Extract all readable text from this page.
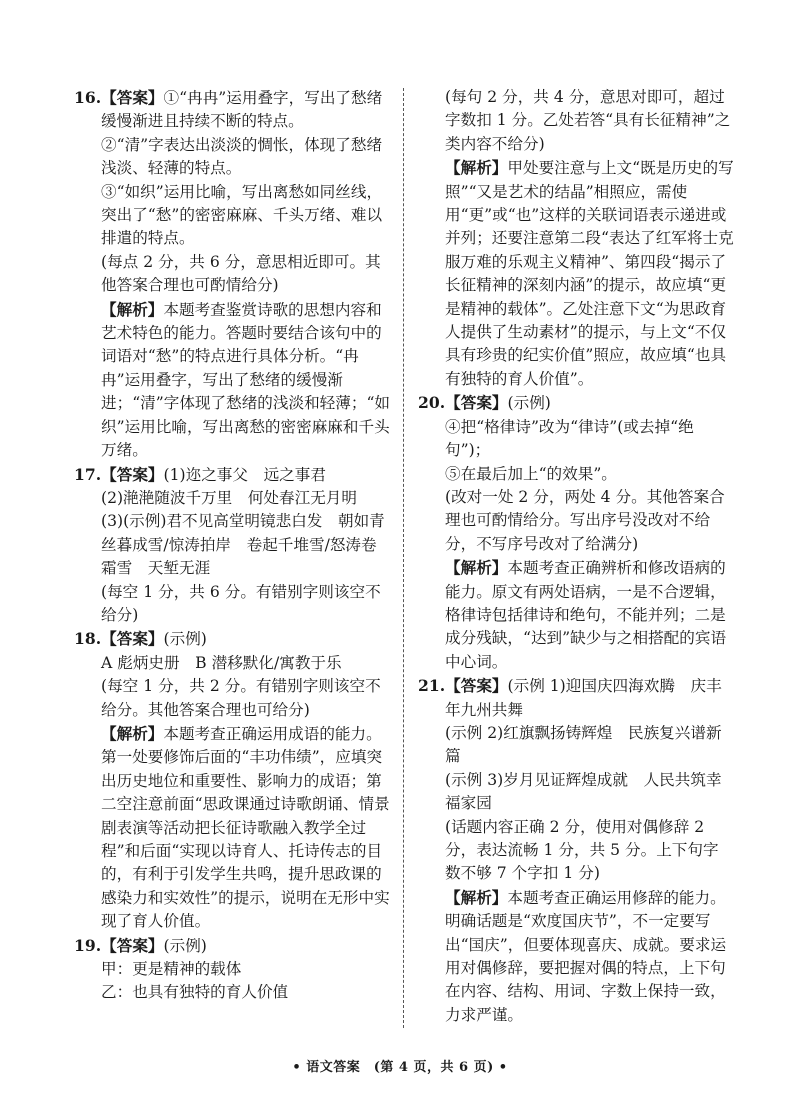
16.【答案】①“冉冉”运用叠字，写出了愁绪缓慢渐进且持续不断的特点。

②“清”字表达出淡淡的惆怅，体现了愁绪浅淡、轻薄的特点。

③“如织”运用比喻，写出离愁如同丝线，突出了“愁”的密密麻麻、千头万绪、难以排遣的特点。

(每点 2 分，共 6 分，意思相近即可。其他答案合理也可酌情给分)

【解析】本题考查鉴赏诗歌的思想内容和艺术特色的能力。答题时要结合该句中的词语对“愁”的特点进行具体分析。“冉冉”运用叠字，写出了愁绪的缓慢渐进；“清”字体现了愁绪的浅淡和轻薄；“如织”运用比喻，写出离愁的密密麻麻和千头万绪。

17.【答案】(1)迩之事父　远之事君

(2)滟滟随波千万里　何处春江无月明

(3)(示例)君不见高堂明镜悲白发　朝如青丝暮成雪/惊涛拍岸　卷起千堆雪/怒涛卷霜雪　天堑无涯

(每空 1 分，共 6 分。有错别字则该空不给分)

18.【答案】(示例)

A 彪炳史册　B 潜移默化/寓教于乐

(每空 1 分，共 2 分。有错别字则该空不给分。其他答案合理也可给分)

【解析】本题考查正确运用成语的能力。第一处要修饰后面的“丰功伟绩”，应填突出历史地位和重要性、影响力的成语；第二空注意前面“思政课通过诗歌朗诵、情景剧表演等活动把长征诗歌融入教学全过程”和后面“实现以诗育人、托诗传志的目的，有利于引发学生共鸣，提升思政课的感染力和实效性”的提示，说明在无形中实现了育人价值。

19.【答案】(示例)

甲：更是精神的载体

乙：也具有独特的育人价值

(每句 2 分，共 4 分，意思对即可，超过字数扣 1 分。乙处若答“具有长征精神”之类内容不给分)

【解析】甲处要注意与上文“既是历史的写照”“又是艺术的结晶”相照应，需使用“更”或“也”这样的关联词语表示递进或并列；还要注意第二段“表达了红军将士克服万难的乐观主义精神”、第四段“揭示了长征精神的深刻内涵”的提示，故应填“更是精神的载体”。乙处注意下文“为思政育人提供了生动素材”的提示，与上文“不仅具有珍贵的纪实价值”照应，故应填“也具有独特的育人价值”。

20.【答案】(示例)

④把“格律诗”改为“律诗”(或去掉“绝句”)；

⑤在最后加上“的效果”。

(改对一处 2 分，两处 4 分。其他答案合理也可酌情给分。写出序号没改对不给分，不写序号改对了给满分)

【解析】本题考查正确辨析和修改语病的能力。原文有两处语病，一是不合逻辑，格律诗包括律诗和绝句，不能并列；二是成分残缺，“达到”缺少与之相搭配的宾语中心词。

21.【答案】(示例 1)迎国庆四海欢腾　庆丰年九州共舞

(示例 2)红旗飘扬铸辉煌　民族复兴谱新篇

(示例 3)岁月见证辉煌成就　人民共筑幸福家园

(话题内容正确 2 分，使用对偶修辞 2 分，表达流畅 1 分，共 5 分。上下句字数不够 7 个字扣 1 分)

【解析】本题考查正确运用修辞的能力。明确话题是“欢度国庆节”，不一定要写出“国庆”，但要体现喜庆、成就。要求运用对偶修辞，要把握对偶的特点，上下句在内容、结构、用词、字数上保持一致，力求严谨。

• 语文答案　(第 4 页，共 6 页) •
